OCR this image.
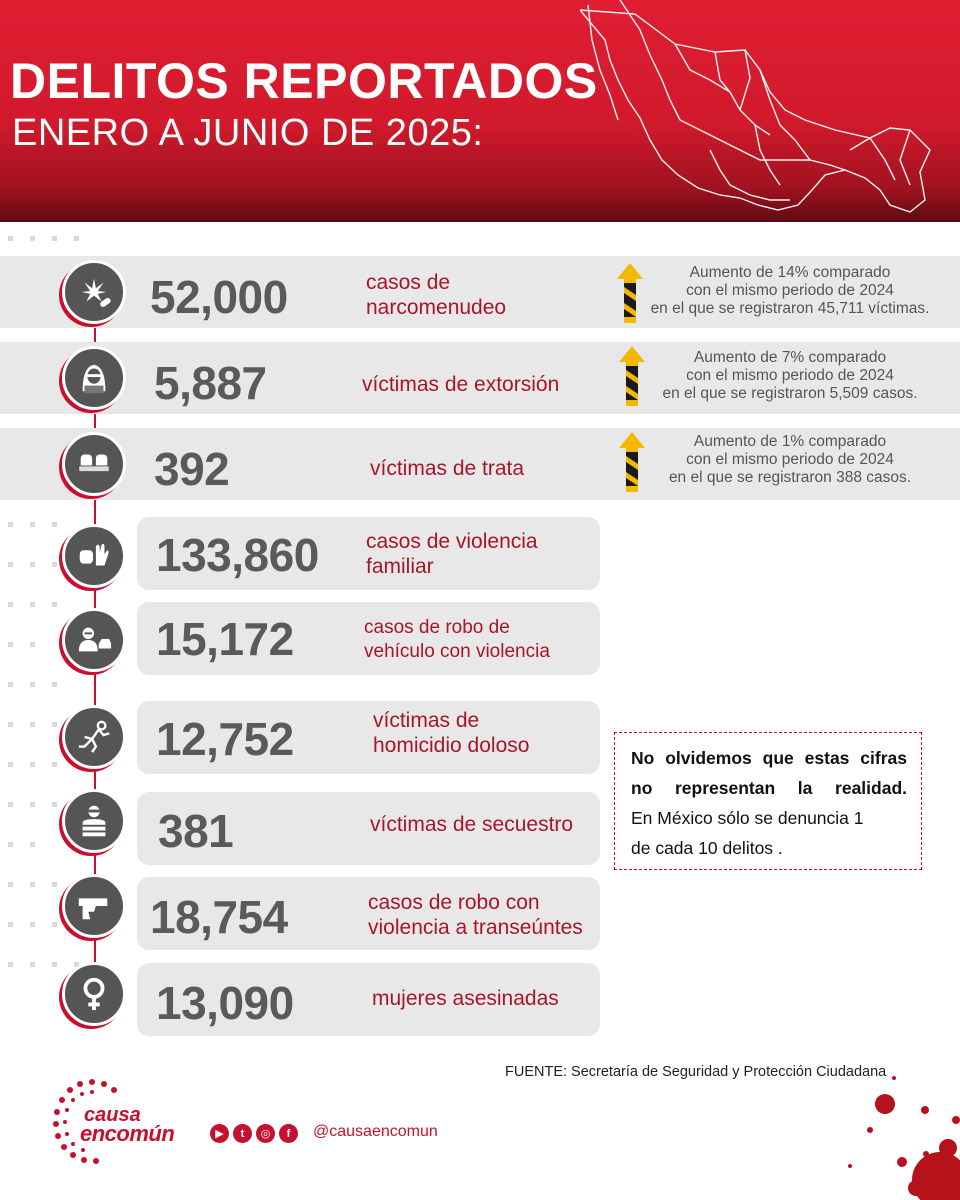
DELITOS REPORTADOS
ENERO A JUNIO DE 2025:
52,000	casos de
narcomenudeo
Aumento de 14% comparado
con el mismo periodo de 2024
en el que se registraron 45,711 víctimas.
5,887	víctimas de extorsión
Aumento de 7% comparado
con el mismo periodo de 2024
en el que se registraron 5,509 casos.
392	víctimas de trata
Aumento de 1% comparado
con el mismo periodo de 2024
en el que se registraron 388 casos.
133,860 casos de violencia
familiar
15,172	casos de robo de
vehículo con violencia
12,752	víctimas de
homicidio doloso
381	víctimas de secuestro
18,754	casos de robo con
violencia a transeúntes
13,090	mujeres asesinadas
No olvidemos que estas cifras
no representan la realidad.
En México sólo se denuncia 1
de cada 10 delitos .
FUENTE: Secretaría de Seguridad y Protección Ciudadana
causa
encomún	▶	t	◎	f	@causaencomun
